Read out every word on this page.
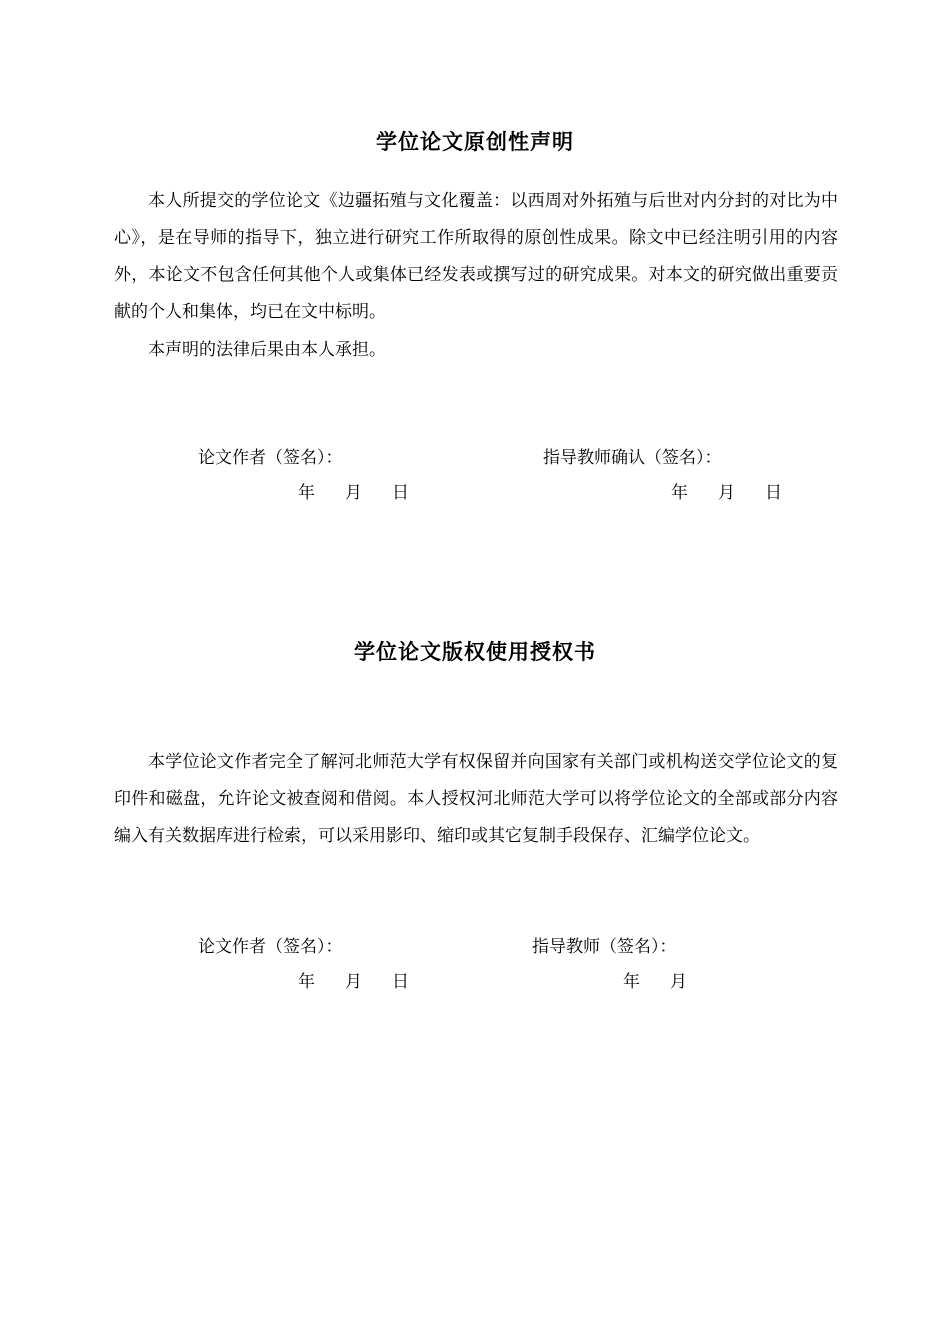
学位论文原创性声明

本人所提交的学位论文《边疆拓殖与文化覆盖：以西周对外拓殖与后世对内分封的对比为中心》，是在导师的指导下，独立进行研究工作所取得的原创性成果。除文中已经注明引用的内容外，本论文不包含任何其他个人或集体已经发表或撰写过的研究成果。对本文的研究做出重要贡献的个人和集体，均已在文中标明。

本声明的法律后果由本人承担。

论文作者（签名）：	指导教师确认（签名）：
年 月 日	年 月 日
学位论文版权使用授权书

本学位论文作者完全了解河北师范大学有权保留并向国家有关部门或机构送交学位论文的复印件和磁盘，允许论文被查阅和借阅。本人授权河北师范大学可以将学位论文的全部或部分内容编入有关数据库进行检索，可以采用影印、缩印或其它复制手段保存、汇编学位论文。

论文作者（签名）：	指导教师（签名）：
年 月 日	年 月
